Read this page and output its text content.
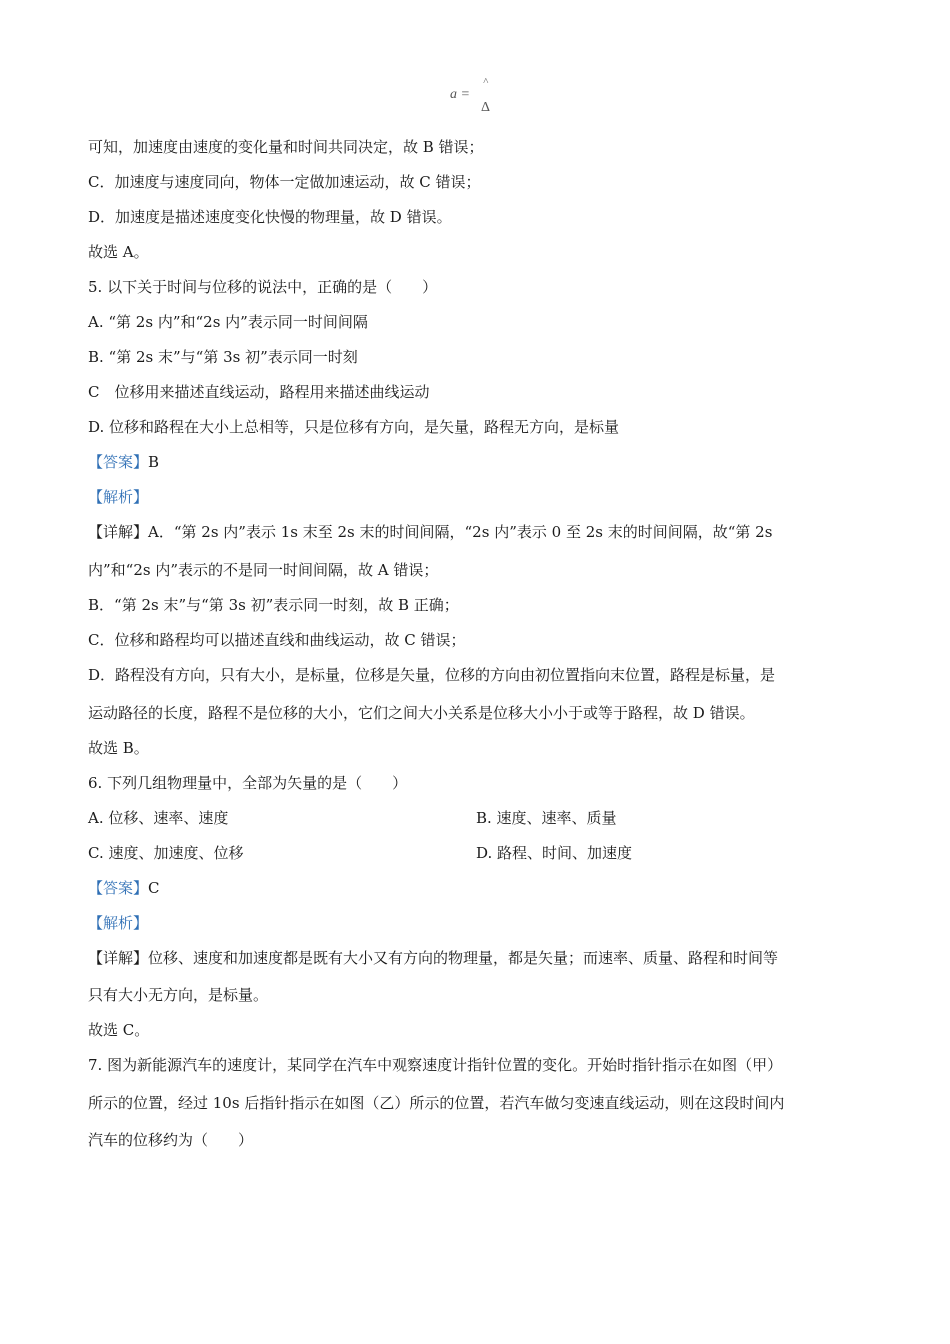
a =
˄
Δ
可知，加速度由速度的变化量和时间共同决定，故 B 错误；
C．加速度与速度同向，物体一定做加速运动，故 C 错误；
D．加速度是描述速度变化快慢的物理量，故 D 错误。
故选 A。
5. 以下关于时间与位移的说法中，正确的是（　　）
A. “第 2s 内”和“2s 内”表示同一时间间隔
B. “第 2s 末”与“第 3s 初”表示同一时刻
C　位移用来描述直线运动，路程用来描述曲线运动
D. 位移和路程在大小上总相等，只是位移有方向，是矢量，路程无方向，是标量
【答案】B
【解析】
【详解】A．“第 2s 内”表示 1s 末至 2s 末的时间间隔，“2s 内”表示 0 至 2s 末的时间间隔，故“第 2s
内”和“2s 内”表示的不是同一时间间隔，故 A 错误；
B．“第 2s 末”与“第 3s 初”表示同一时刻，故 B 正确；
C．位移和路程均可以描述直线和曲线运动，故 C 错误；
D．路程没有方向，只有大小，是标量，位移是矢量，位移的方向由初位置指向末位置，路程是标量，是
运动路径的长度，路程不是位移的大小，它们之间大小关系是位移大小小于或等于路程，故 D 错误。
故选 B。
6. 下列几组物理量中，全部为矢量的是（　　）
A. 位移、速率、速度	B. 速度、速率、质量
C. 速度、加速度、位移	D. 路程、时间、加速度
【答案】C
【解析】
【详解】位移、速度和加速度都是既有大小又有方向的物理量，都是矢量；而速率、质量、路程和时间等
只有大小无方向，是标量。
故选 C。
7. 图为新能源汽车的速度计，某同学在汽车中观察速度计指针位置的变化。开始时指针指示在如图（甲）
所示的位置，经过 10s 后指针指示在如图（乙）所示的位置，若汽车做匀变速直线运动，则在这段时间内
汽车的位移约为（　　）
